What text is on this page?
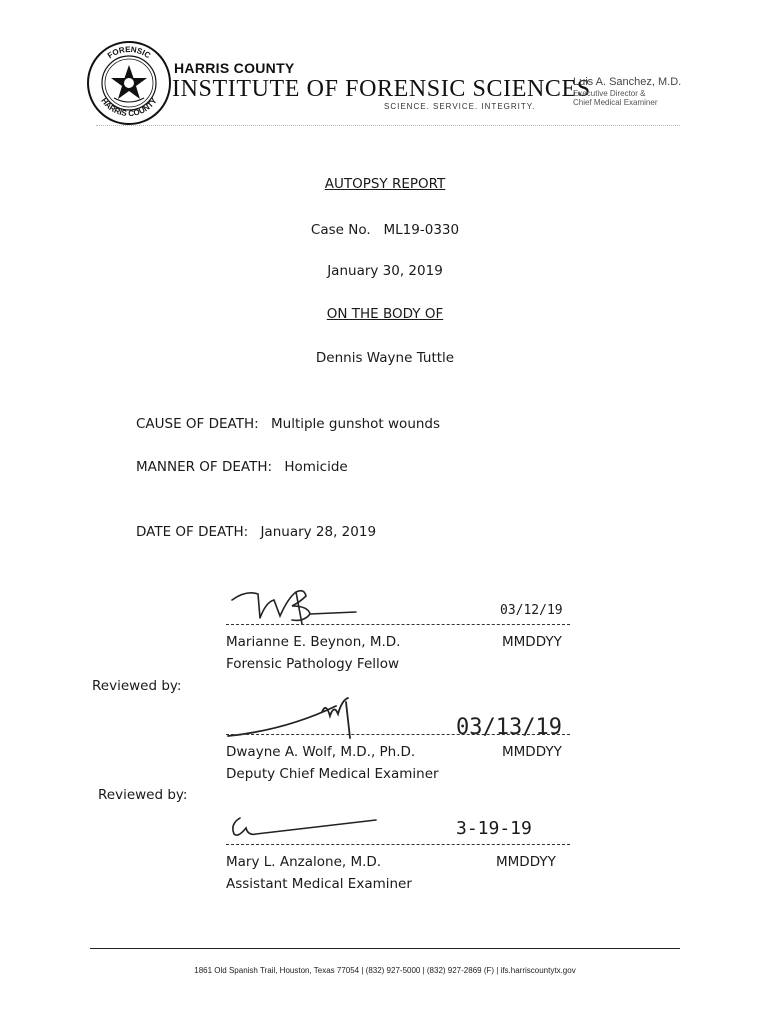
FORENSIC
HARRIS COUNTY
HARRIS COUNTY
INSTITUTE OF FORENSIC SCIENCES
SCIENCE. SERVICE. INTEGRITY.
Luis A. Sanchez, M.D.
Executive Director &
Chief Medical Examiner
AUTOPSY REPORT
Case No. ML19-0330
January 30, 2019
ON THE BODY OF
Dennis Wayne Tuttle
CAUSE OF DEATH: Multiple gunshot wounds
MANNER OF DEATH: Homicide
DATE OF DEATH: January 28, 2019
03/12/19
Marianne E. Beynon, M.D.	MMDDYY
Forensic Pathology Fellow
Reviewed by:
03/13/19
Dwayne A. Wolf, M.D., Ph.D.	MMDDYY
Deputy Chief Medical Examiner
Reviewed by:
3-19-19
Mary L. Anzalone, M.D.	MMDDYY
Assistant Medical Examiner
1861 Old Spanish Trail, Houston, Texas 77054 | (832) 927-5000 | (832) 927-2869 (F) | ifs.harriscountytx.gov
